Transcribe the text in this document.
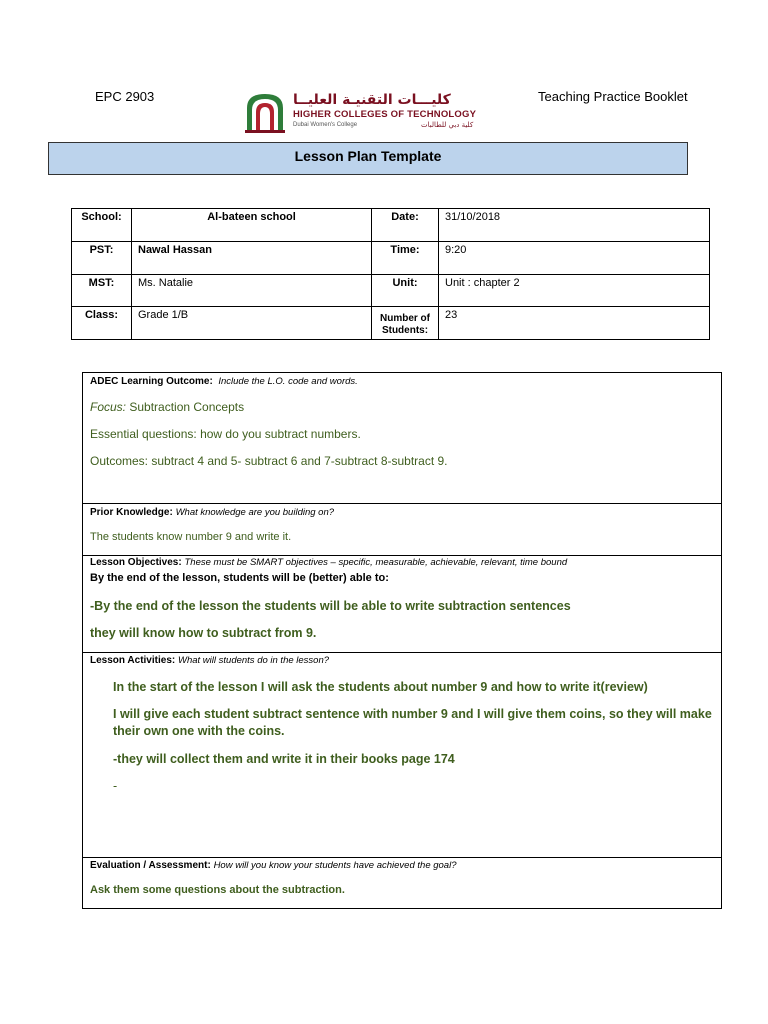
EPC 2903	Teaching Practice Booklet
كليـــات التقنيـة العليــا
HIGHER COLLEGES OF TECHNOLOGY
Dubai Women's College	كلية دبي للطالبات
Lesson Plan Template
School:	Al-bateen school	Date:	31/10/2018
PST:	Nawal Hassan	Time:	9:20
MST:	Ms. Natalie	Unit:	Unit : chapter 2
Class:	Grade 1/B	Number of Students:	23
ADEC Learning Outcome: Include the L.O. code and words.
Focus: Subtraction Concepts
Essential questions: how do you subtract numbers.
Outcomes: subtract 4 and 5- subtract 6 and 7-subtract 8-subtract 9.
Prior Knowledge: What knowledge are you building on?
The students know number 9 and write it.
Lesson Objectives: These must be SMART objectives – specific, measurable, achievable, relevant, time bound
By the end of the lesson, students will be (better) able to:
-By the end of the lesson the students will be able to write subtraction sentences
they will know how to subtract from 9.
Lesson Activities: What will students do in the lesson?
In the start of the lesson I will ask the students about number 9 and how to write it(review)
I will give each student subtract sentence with number 9 and I will give them coins, so they will make
their own one with the coins.
-they will collect them and write it in their books page 174
-
Evaluation / Assessment: How will you know your students have achieved the goal?
Ask them some questions about the subtraction.
